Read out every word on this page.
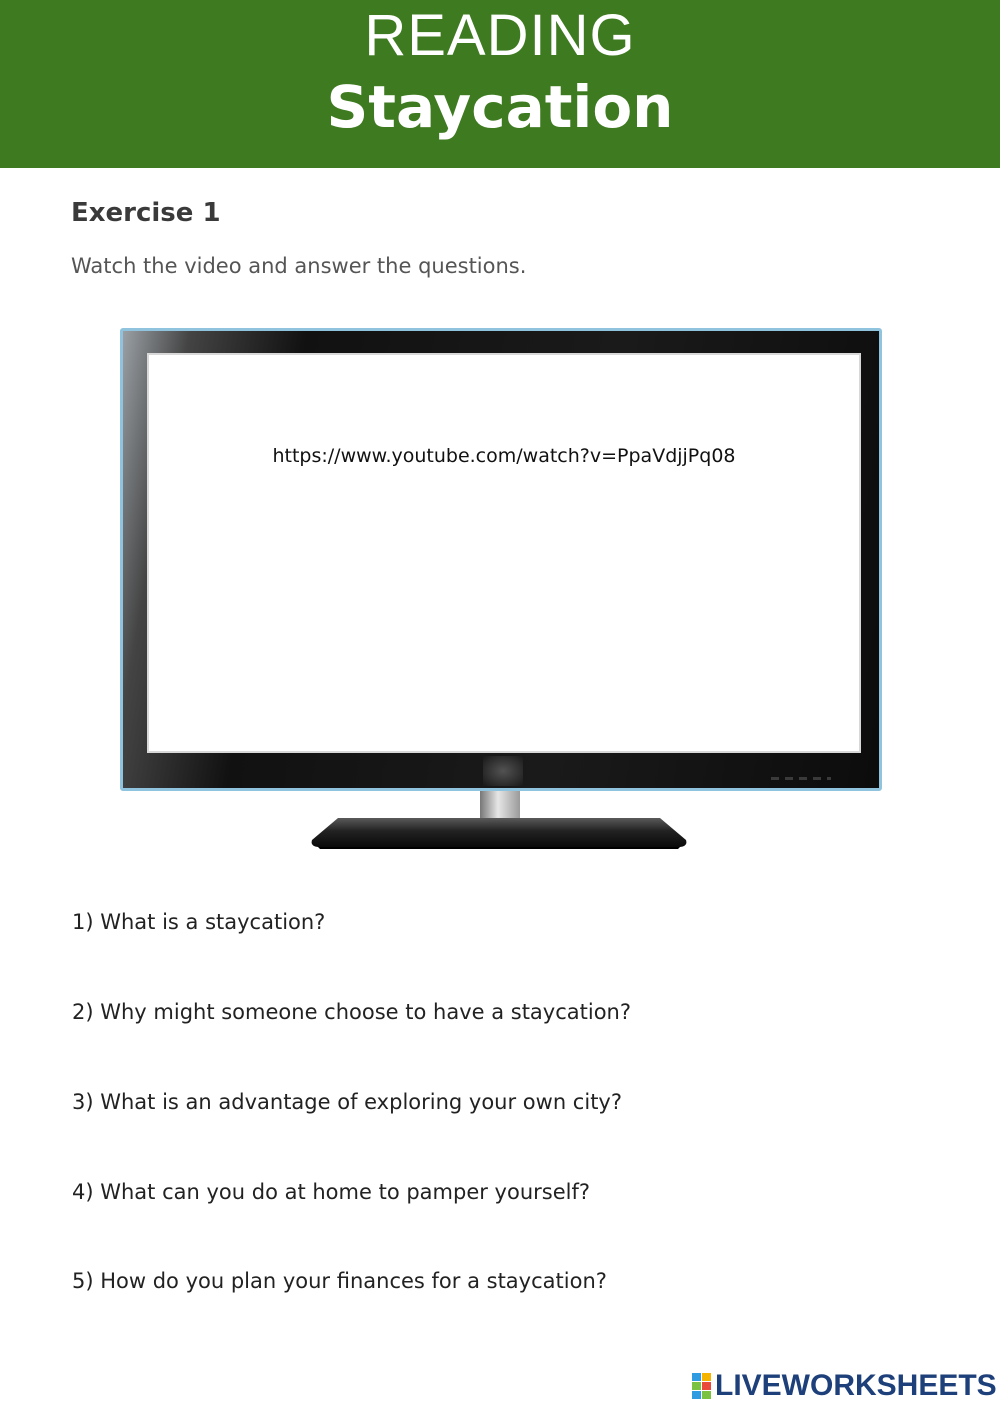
READING
Staycation
Exercise 1
Watch the video and answer the questions.
https://www.youtube.com/watch?v=PpaVdjjPq08
1) What is a staycation?
2) Why might someone choose to have a staycation?
3) What is an advantage of exploring your own city?
4) What can you do at home to pamper yourself?
5) How do you plan your finances for a staycation?
LIVEWORKSHEETS
